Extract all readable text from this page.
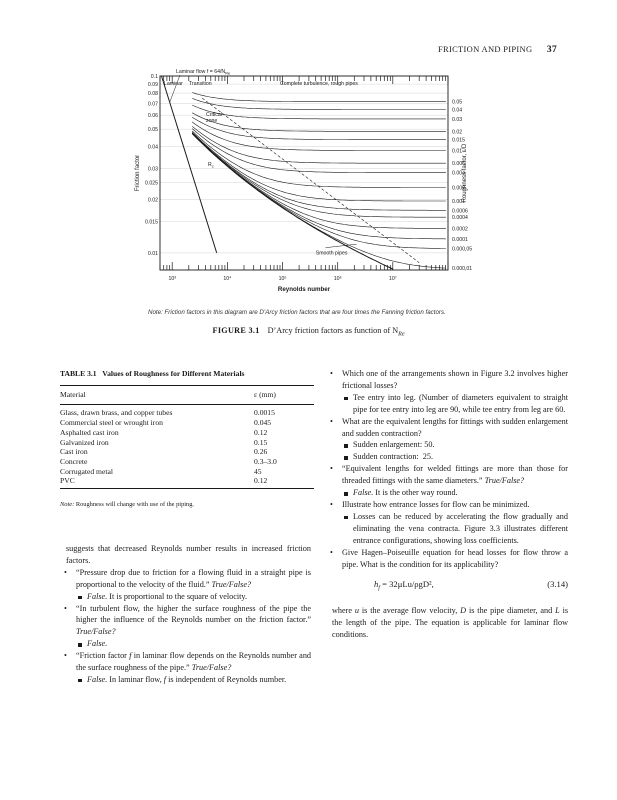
FRICTION AND PIPING 37
10³	10⁴	10⁵	10⁶	10⁷
0.1
0.09
0.08
0.07
0.06
0.05
0.04
0.03
0.025
0.02
0.015
0.01
0.05
0.04
0.03
0.02
0.015
0.01
0.006
0.004
0.002
0.001
0.0006
0.0004
0.0002
0.0001
0.000,05
0.000,01
Reynolds number
Friction factor	Roughness factor, ε/D
Laminar Transition	Complete turbulence, rough pipes
Critical
zone
Laminar flow $f = 64/N_{Re}$
$R_c$
Smooth pipes
Note: Friction factors in this diagram are D’Arcy friction factors that are four times the Fanning friction factors.
FIGURE 3.1 D’Arcy friction factors as function of $N_{Re}$
TABLE 3.1 Values of Roughness for Different Materials
Material	ε (mm)
Glass, drawn brass, and copper tubes	0.0015
Commercial steel or wrought iron	0.045
Asphalted cast iron	0.12
Galvanized iron	0.15
Cast iron	0.26
Concrete	0.3–3.0
Corrugated metal	45
PVC	0.12
Note: Roughness will change with use of the piping.

suggests that decreased Reynolds number results in increased friction factors.

• “Pressure drop due to friction for a flowing fluid in a straight pipe is proportional to the velocity of the fluid.” True/False?

False. It is proportional to the square of velocity.

• “In turbulent flow, the higher the surface roughness of the pipe the higher the influence of the Reynolds number on the friction factor.” True/False?

False.

• “Friction factor f in laminar flow depends on the Reynolds number and the surface roughness of the pipe.” True/False?

False. In laminar flow, f is independent of Reynolds number.

• Which one of the arrangements shown in Figure 3.2 involves higher frictional losses?

Tee entry into leg. (Number of diameters equivalent to straight pipe for tee entry into leg are 90, while tee entry from leg are 60.

• What are the equivalent lengths for fittings with sudden enlargement and sudden contraction?

Sudden enlargement: 50.

Sudden contraction:  25.

• “Equivalent lengths for welded fittings are more than those for threaded fittings with the same diameters.” True/False?

False. It is the other way round.

• Illustrate how entrance losses for flow can be minimized.

Losses can be reduced by accelerating the flow gradually and eliminating the vena contracta. Figure 3.3 illustrates different entrance configurations, showing loss coefficients.

• Give Hagen–Poiseuille equation for head losses for flow throw a pipe. What is the condition for its applicability?

$h_f = 32\mu Lu/\rho gD^2$,	(3.14)

where u is the average flow velocity, D is the pipe diameter, and L is the length of the pipe. The equation is applicable for laminar flow conditions.
